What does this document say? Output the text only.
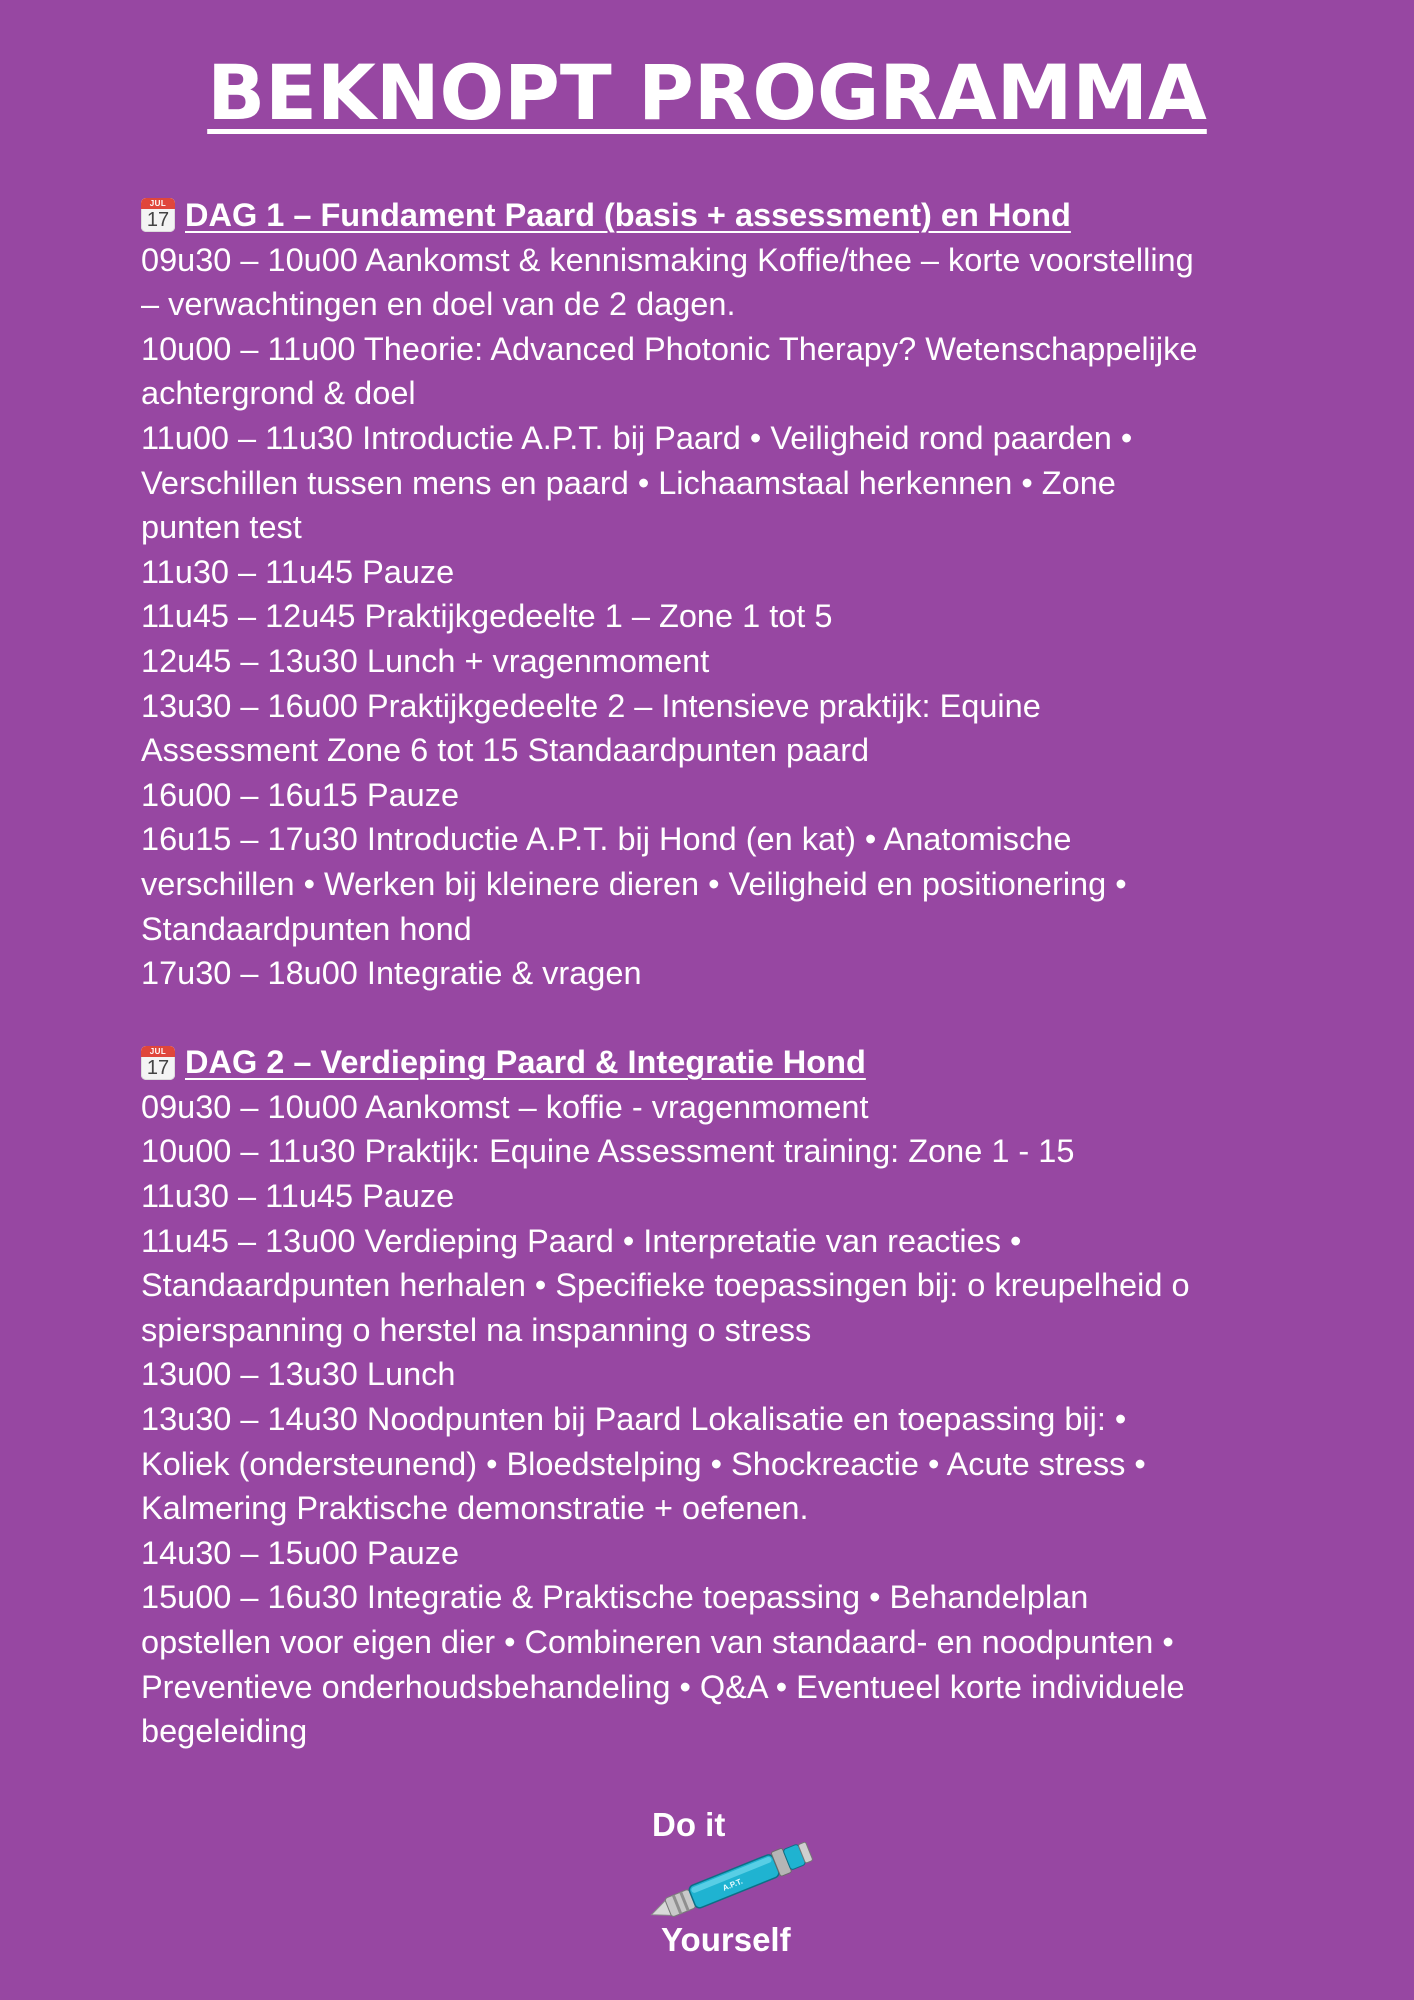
BEKNOPT PROGRAMMA
JUL
17 DAG 1 – Fundament Paard (basis + assessment) en Hond
09u30 – 10u00 Aankomst & kennismaking Koffie/thee – korte voorstelling
– verwachtingen en doel van de 2 dagen.
10u00 – 11u00 Theorie: Advanced Photonic Therapy? Wetenschappelijke
achtergrond & doel
11u00 – 11u30 Introductie A.P.T. bij Paard • Veiligheid rond paarden •
Verschillen tussen mens en paard • Lichaamstaal herkennen • Zone
punten test
11u30 – 11u45 Pauze
11u45 – 12u45 Praktijkgedeelte 1 – Zone 1 tot 5
12u45 – 13u30 Lunch + vragenmoment
13u30 – 16u00 Praktijkgedeelte 2 – Intensieve praktijk: Equine
Assessment Zone 6 tot 15 Standaardpunten paard
16u00 – 16u15 Pauze
16u15 – 17u30 Introductie A.P.T. bij Hond (en kat) • Anatomische
verschillen • Werken bij kleinere dieren • Veiligheid en positionering •
Standaardpunten hond
17u30 – 18u00 Integratie & vragen
JUL
17 DAG 2 – Verdieping Paard & Integratie Hond
09u30 – 10u00 Aankomst – koffie - vragenmoment
10u00 – 11u30 Praktijk: Equine Assessment training: Zone 1 - 15
11u30 – 11u45 Pauze
11u45 – 13u00 Verdieping Paard • Interpretatie van reacties •
Standaardpunten herhalen • Specifieke toepassingen bij: o kreupelheid o
spierspanning o herstel na inspanning o stress
13u00 – 13u30 Lunch
13u30 – 14u30 Noodpunten bij Paard Lokalisatie en toepassing bij: •
Koliek (ondersteunend) • Bloedstelping • Shockreactie • Acute stress •
Kalmering Praktische demonstratie + oefenen.
14u30 – 15u00 Pauze
15u00 – 16u30 Integratie & Praktische toepassing • Behandelplan
opstellen voor eigen dier • Combineren van standaard- en noodpunten •
Preventieve onderhoudsbehandeling • Q&A • Eventueel korte individuele
begeleiding
Do it
A.P.T.
Yourself
